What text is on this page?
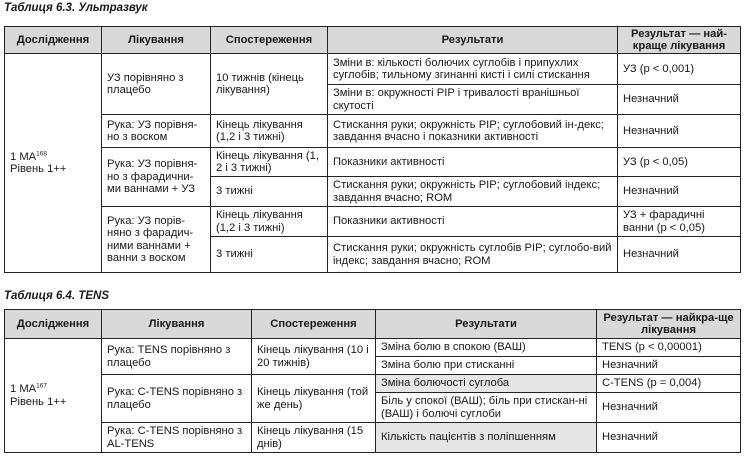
Таблиця 6.3. Ультразвук

Дослідження	Лікування	Спостереження	Результати	Результат — най-краще лікування
1 МА$^{168}$
Рівень 1++	УЗ порівняно з плацебо	10 тижнів (кінець лікування)	Зміни в: кількості болючих суглобів і припухлих суглобів; тильному згинанні кисті і силі стискання	УЗ (p < 0,001)
			Зміни в: окружності PIP і тривалості вранішньої скутості	Незначний
	Рука: УЗ порівня-но з воском	Кінець лікування (1,2 і 3 тижні)	Стискання руки; окружність PIP; суглобовий ін-декс; завдання вчасно і показники активності	Незначний
	Рука: УЗ порівня-но з фарадични-ми ваннами + УЗ	Кінець лікування (1, 2 і 3 тижні)	Показники активності	УЗ (p < 0,05)
		3 тижні	Стискання руки; окружність PIP; суглобовий індекс; завдання вчасно; ROM	Незначний
	Рука: УЗ порів-няно з фарадич-ними ваннами + ванни з воском	Кінець лікування (1,2 і 3 тижні)	Показники активності	УЗ + фарадичні ванни (p < 0,05)
		3 тижні	Стискання руки; окружність суглобів PIP; суглобо-вий індекс; завдання вчасно; ROM	Незначний

Таблиця 6.4. TENS

Дослідження	Лікування	Спостереження	Результати	Результат — найкра-ще лікування
1 МА$^{167}$
Рівень 1++	Рука: TENS порівняно з плацебо	Кінець лікування (10 і 20 тижнів)	Зміна болю в спокою (ВАШ)	TENS (p < 0,00001)
			Зміна болю при стисканні	Незначний
	Рука: C-TENS порівняно з плацебо	Кінець лікування (той же день)	Зміна болючості суглоба	C-TENS (p = 0,004)
			Біль у спокої (ВАШ); біль при стискан-ні (ВАШ) і болючі суглоби	Незначний
	Рука: C-TENS порівняно з AL-TENS	Кінець лікування (15 днів)	Кількість пацієнтів з поліпшенням	Незначний
